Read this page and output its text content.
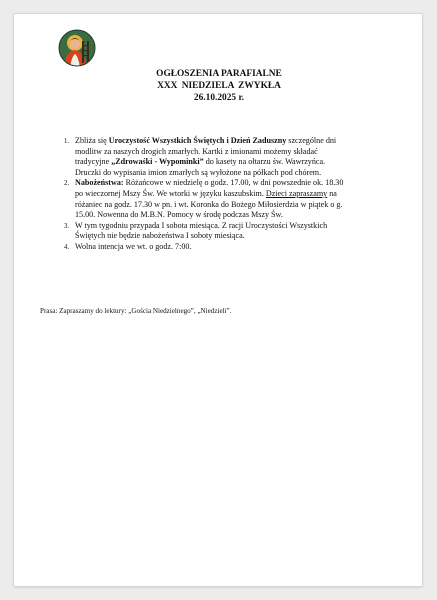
OGŁOSZENIA PARAFIALNE
XXX NIEDZIELA ZWYKŁA
26.10.2025 r.
1. Zbliża się Uroczystość Wszystkich Świętych i Dzień Zaduszny szczególne dni modlitw za naszych drogich zmarłych. Kartki z imionami możemy składać tradycyjne „Zdrowaśki - Wypominki” do kasety na ołtarzu św. Wawrzyńca. Druczki do wypisania imion zmarłych są wyłożone na półkach pod chórem.
2. Nabożeństwa: Różańcowe w niedzielę o godz. 17.00, w dni powszednie ok. 18.30 po wieczornej Mszy Św. We wtorki w języku kaszubskim. Dzieci zapraszamy na różaniec na godz. 17.30 w pn. i wt. Koronka do Bożego Miłosierdzia w piątek o g. 15.00. Nowenna do M.B.N. Pomocy w środę podczas Mszy Św.
3. W tym tygodniu przypada I sobota miesiąca. Z racji Uroczystości Wszystkich Świętych nie będzie nabożeństwa I soboty miesiąca.
4. Wolna intencja we wt. o godz. 7:00.
Prasa: Zapraszamy do lektury: „Gościa Niedzielnego”, „Niedzieli”.
